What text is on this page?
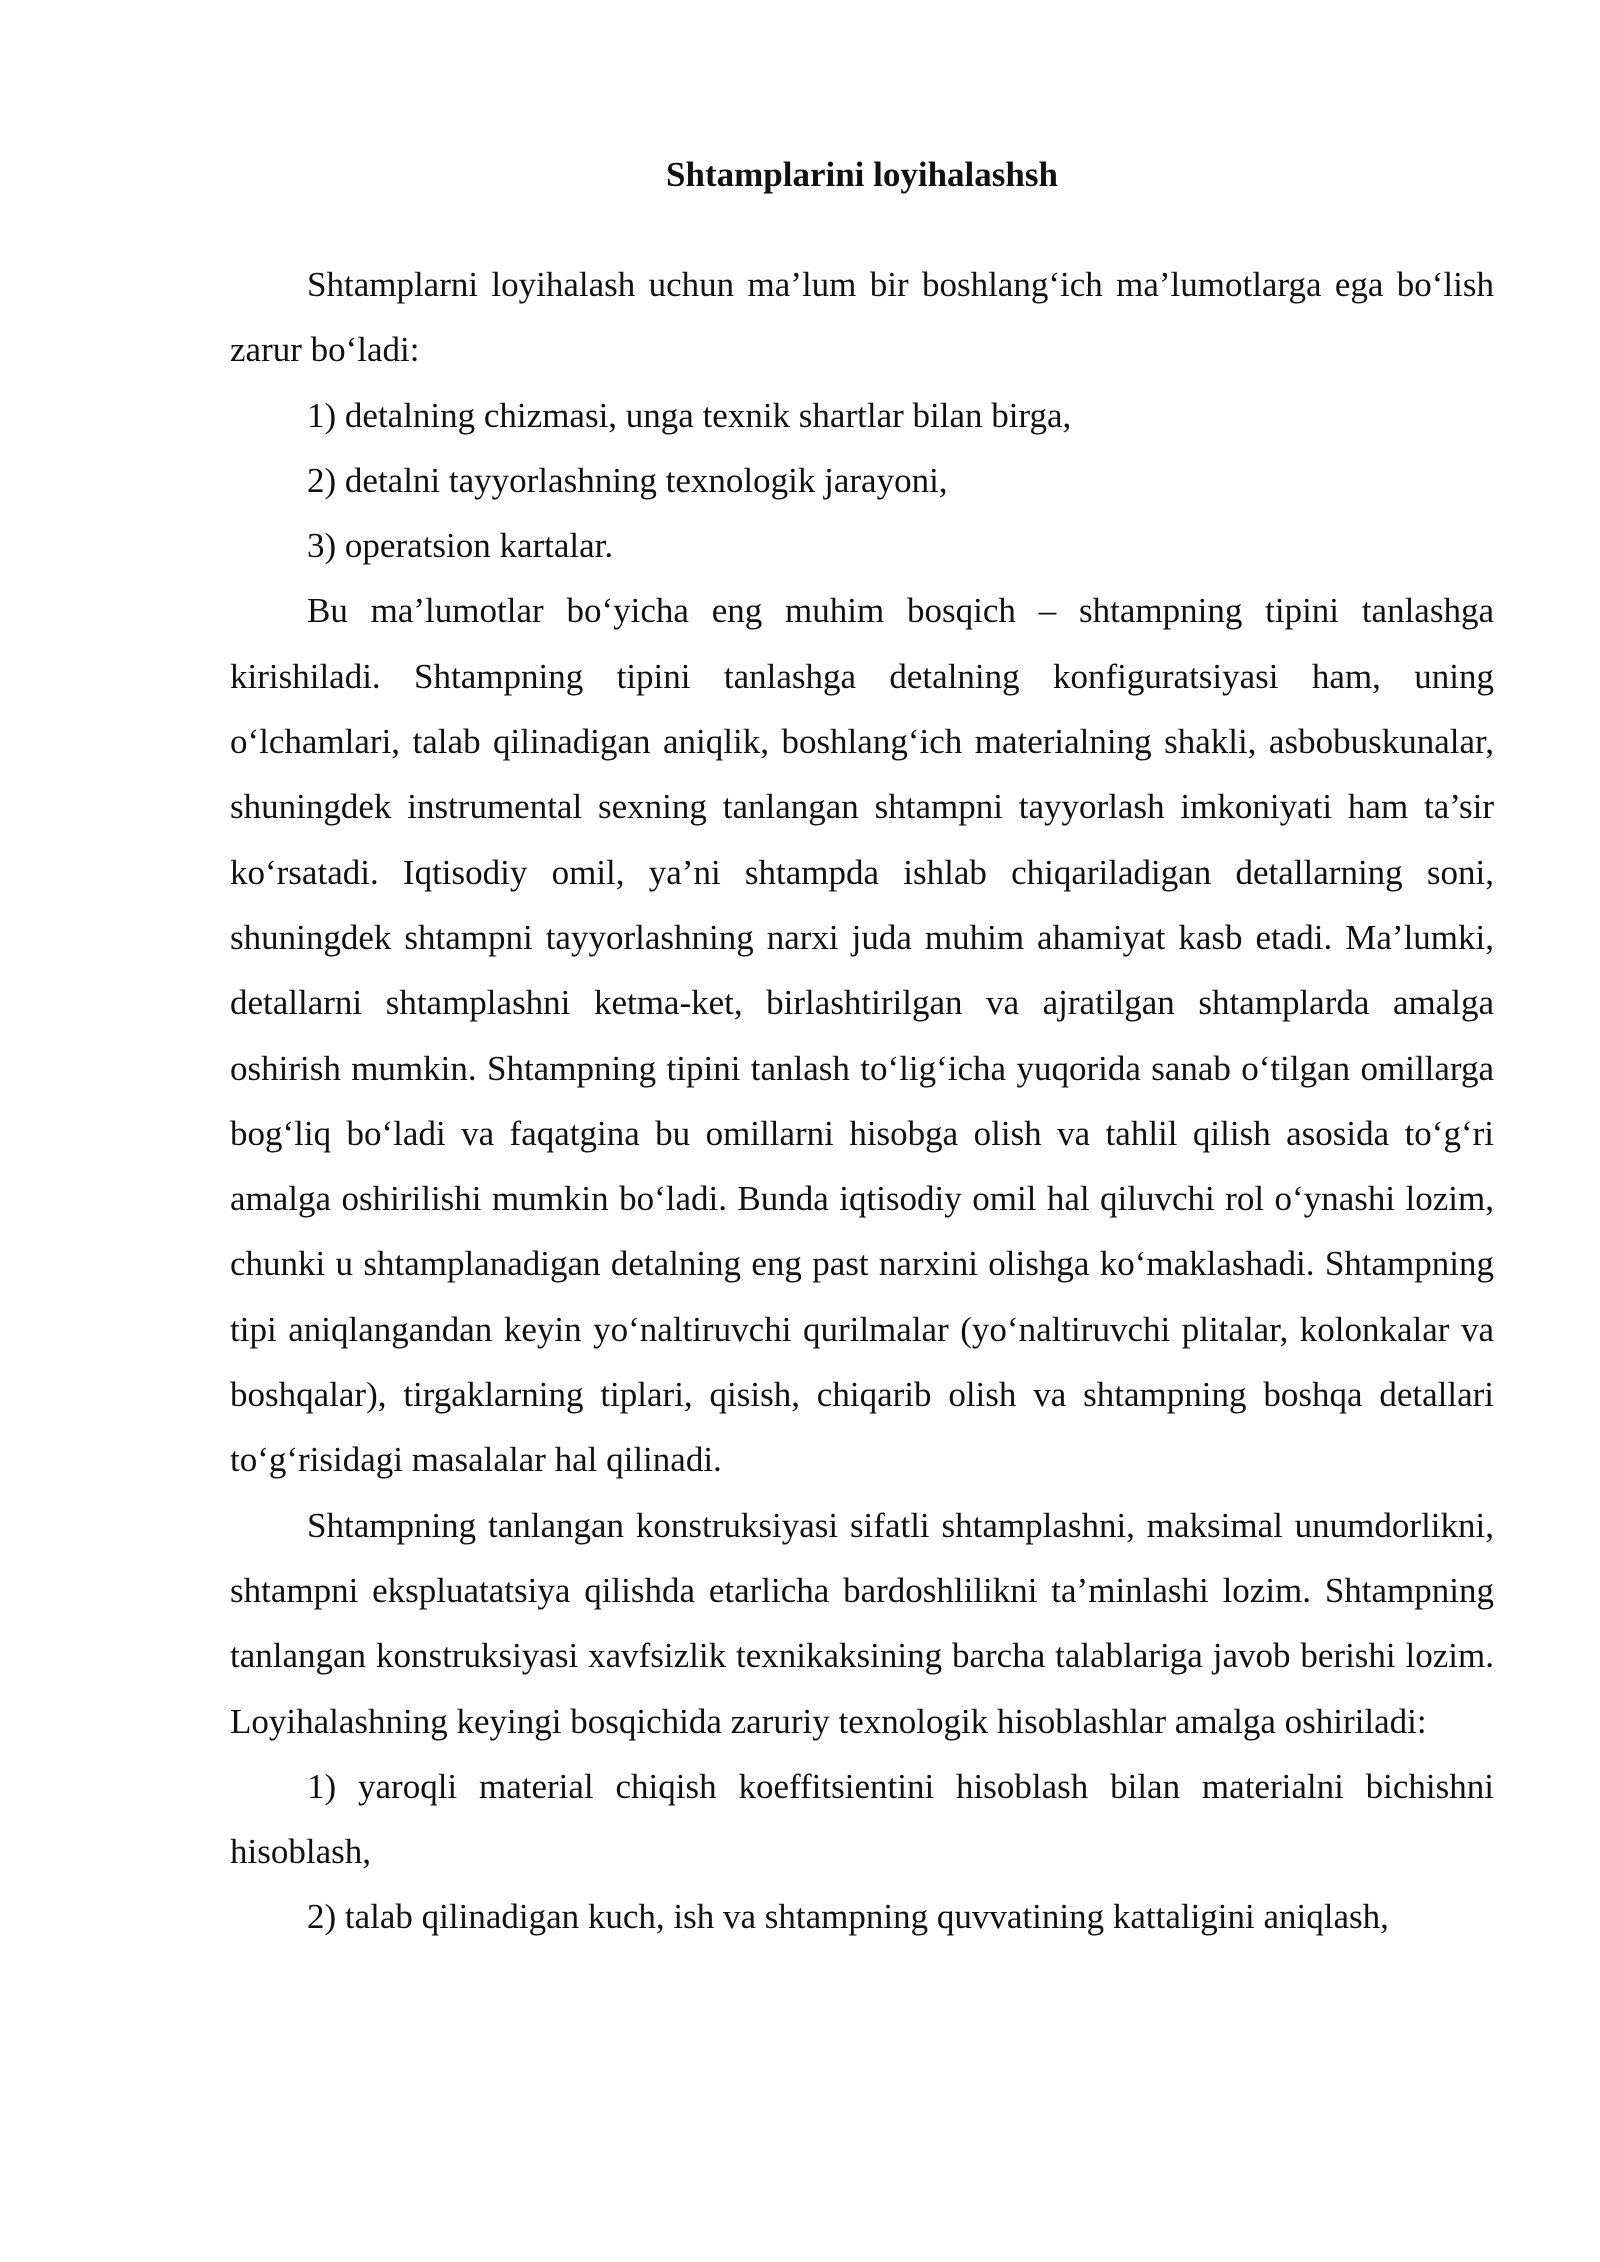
Shtamplarini loyihalashsh

Shtamplarni loyihalash uchun ma’lum bir boshlang‘ich ma’lumotlarga ega bo‘lish zarur bo‘ladi:

1) detalning chizmasi, unga texnik shartlar bilan birga,

2) detalni tayyorlashning texnologik jarayoni,

3) operatsion kartalar.

Bu ma’lumotlar bo‘yicha eng muhim bosqich – shtampning tipini tanlashga kirishiladi. Shtampning tipini tanlashga detalning konfiguratsiyasi ham, uning o‘lchamlari, talab qilinadigan aniqlik, boshlang‘ich materialning shakli, asbobuskunalar, shuningdek instrumental sexning tanlangan shtampni tayyorlash imkoniyati ham ta’sir ko‘rsatadi. Iqtisodiy omil, ya’ni shtampda ishlab chiqariladigan detallarning soni, shuningdek shtampni tayyorlashning narxi juda muhim ahamiyat kasb etadi. Ma’lumki, detallarni shtamplashni ketma-ket, birlashtirilgan va ajratilgan shtamplarda amalga oshirish mumkin. Shtampning tipini tanlash to‘lig‘icha yuqorida sanab o‘tilgan omillarga bog‘liq bo‘ladi va faqatgina bu omillarni hisobga olish va tahlil qilish asosida to‘g‘ri amalga oshirilishi mumkin bo‘ladi. Bunda iqtisodiy omil hal qiluvchi rol o‘ynashi lozim, chunki u shtamplanadigan detalning eng past narxini olishga ko‘maklashadi. Shtampning tipi aniqlangandan keyin yo‘naltiruvchi qurilmalar (yo‘naltiruvchi plitalar, kolonkalar va boshqalar), tirgaklarning tiplari, qisish, chiqarib olish va shtampning boshqa detallari to‘g‘risidagi masalalar hal qilinadi.

Shtampning tanlangan konstruksiyasi sifatli shtamplashni, maksimal unumdorlikni, shtampni ekspluatatsiya qilishda etarlicha bardoshlilikni ta’minlashi lozim. Shtampning tanlangan konstruksiyasi xavfsizlik texnikaksining barcha talablariga javob berishi lozim. Loyihalashning keyingi bosqichida zaruriy texnologik hisoblashlar amalga oshiriladi:

1) yaroqli material chiqish koeffitsientini hisoblash bilan materialni bichishni hisoblash,

2) talab qilinadigan kuch, ish va shtampning quvvatining kattaligini aniqlash,
